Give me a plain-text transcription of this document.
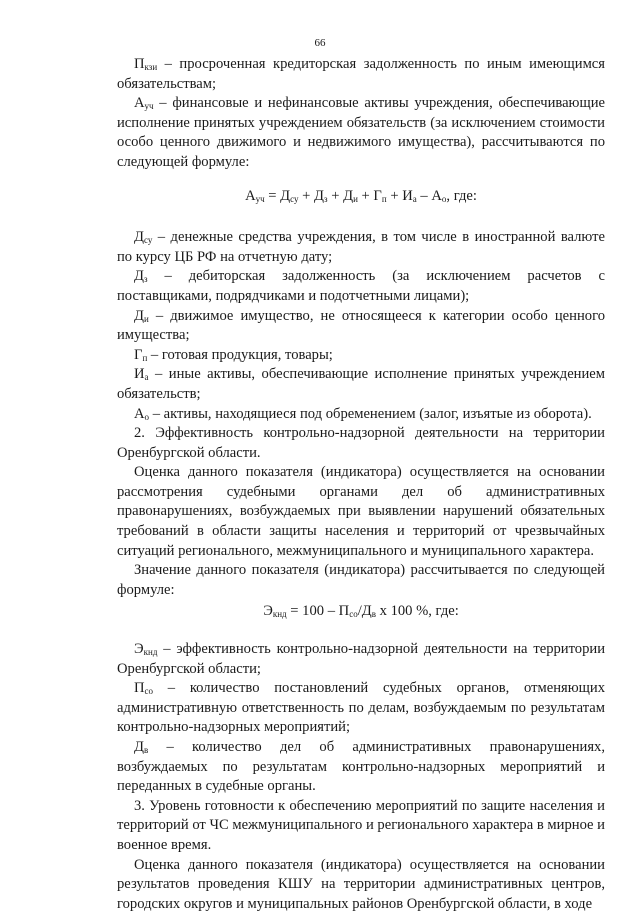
66

$П_{кзи}$ – просроченная кредиторская задолженность по иным имеющимся обязательствам;

$А_{уч}$ – финансовые и нефинансовые активы учреждения, обеспечивающие исполнение принятых учреждением обязательств (за исключением стоимости особо ценного движимого и недвижимого имущества), рассчитываются по следующей формуле:

$А_{уч} = Д_{су} + Д_з + Д_и + Г_п + И_а - А_о$, где:

$Д_{су}$ – денежные средства учреждения, в том числе в иностранной валюте по курсу ЦБ РФ на отчетную дату;

$Д_з$ – дебиторская задолженность (за исключением расчетов с поставщиками, подрядчиками и подотчетными лицами);

$Д_и$ – движимое имущество, не относящееся к категории особо ценного имущества;

$Г_п$ – готовая продукция, товары;

$И_а$ – иные активы, обеспечивающие исполнение принятых учреждением обязательств;

$А_о$ – активы, находящиеся под обременением (залог, изъятые из оборота).

2. Эффективность контрольно-надзорной деятельности на территории Оренбургской области.

Оценка данного показателя (индикатора) осуществляется на основании рассмотрения судебными органами дел об административных правонарушениях, возбуждаемых при выявлении нарушений обязательных требований в области защиты населения и территорий от чрезвычайных ситуаций регионального, межмуниципального и муниципального характера.

Значение данного показателя (индикатора) рассчитывается по следующей формуле:

$Э_{кнд} = 100 - П_{со}/Д_в$ х 100 %, где:

$Э_{кнд}$ – эффективность контрольно-надзорной деятельности на территории Оренбургской области;

$П_{со}$ – количество постановлений судебных органов, отменяющих административную ответственность по делам, возбуждаемым по результатам контрольно-надзорных мероприятий;

$Д_в$ – количество дел об административных правонарушениях, возбуждаемых по результатам контрольно-надзорных мероприятий и переданных в судебные органы.

3. Уровень готовности к обеспечению мероприятий по защите населения и территорий от ЧС межмуниципального и регионального характера в мирное и военное время.

Оценка данного показателя (индикатора) осуществляется на основании результатов проведения КШУ на территории административных центров, городских округов и муниципальных районов Оренбургской области, в ходе
